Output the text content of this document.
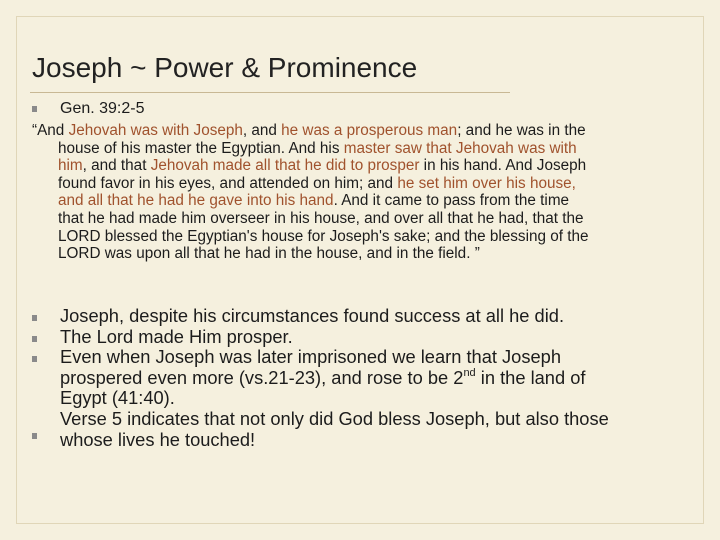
Joseph ~ Power & Prominence
Gen. 39:2-5
“And Jehovah was with Joseph, and he was a prosperous man; and he was in the
house of his master the Egyptian. And his master saw that Jehovah was with
him, and that Jehovah made all that he did to prosper in his hand. And Joseph
found favor in his eyes, and attended on him; and he set him over his house,
and all that he had he gave into his hand. And it came to pass from the time
that he had made him overseer in his house, and over all that he had, that the
LORD blessed the Egyptian's house for Joseph's sake; and the blessing of the
LORD was upon all that he had in the house, and in the field. ”
Joseph, despite his circumstances found success at all he did.
The Lord made Him prosper.
Even when Joseph was later imprisoned we learn that Joseph
prospered even more (vs.21-23), and rose to be 2nd in the land of
Egypt (41:40).
Verse 5 indicates that not only did God bless Joseph, but also those
whose lives he touched!
